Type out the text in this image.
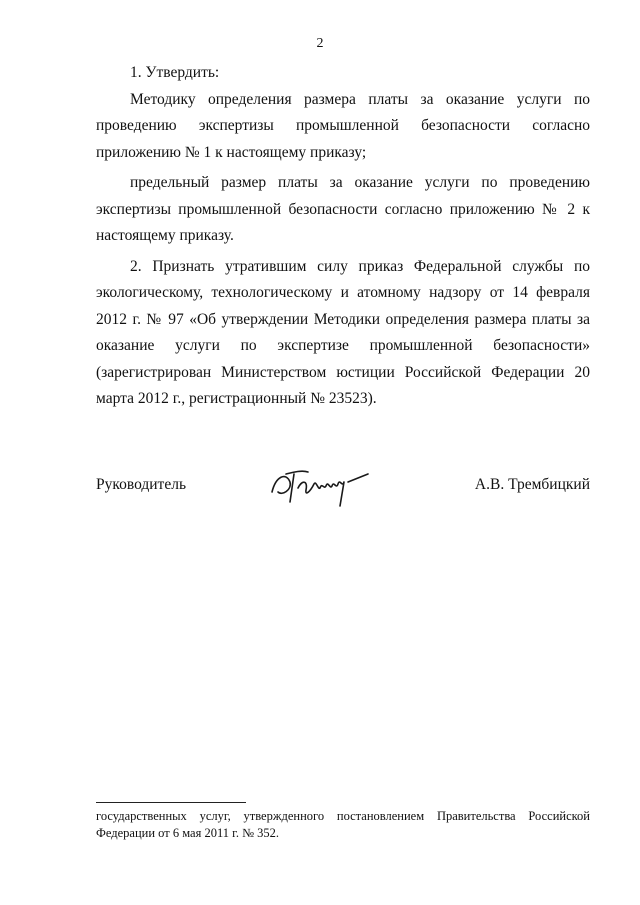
2

1. Утвердить:

Методику определения размера платы за оказание услуги по проведению экспертизы промышленной безопасности согласно приложению № 1 к настоящему приказу;

предельный размер платы за оказание услуги по проведению экспертизы промышленной безопасности согласно приложению № 2 к настоящему приказу.

2. Признать утратившим силу приказ Федеральной службы по экологическому, технологическому и атомному надзору от 14 февраля 2012 г. № 97 «Об утверждении Методики определения размера платы за оказание услуги по экспертизе промышленной безопасности» (зарегистрирован Министерством юстиции Российской Федерации 20 марта 2012 г., регистрационный № 23523).

Руководитель	А.В. Трембицкий

государственных услуг, утвержденного постановлением Правительства Российской Федерации от 6 мая 2011 г. № 352.
